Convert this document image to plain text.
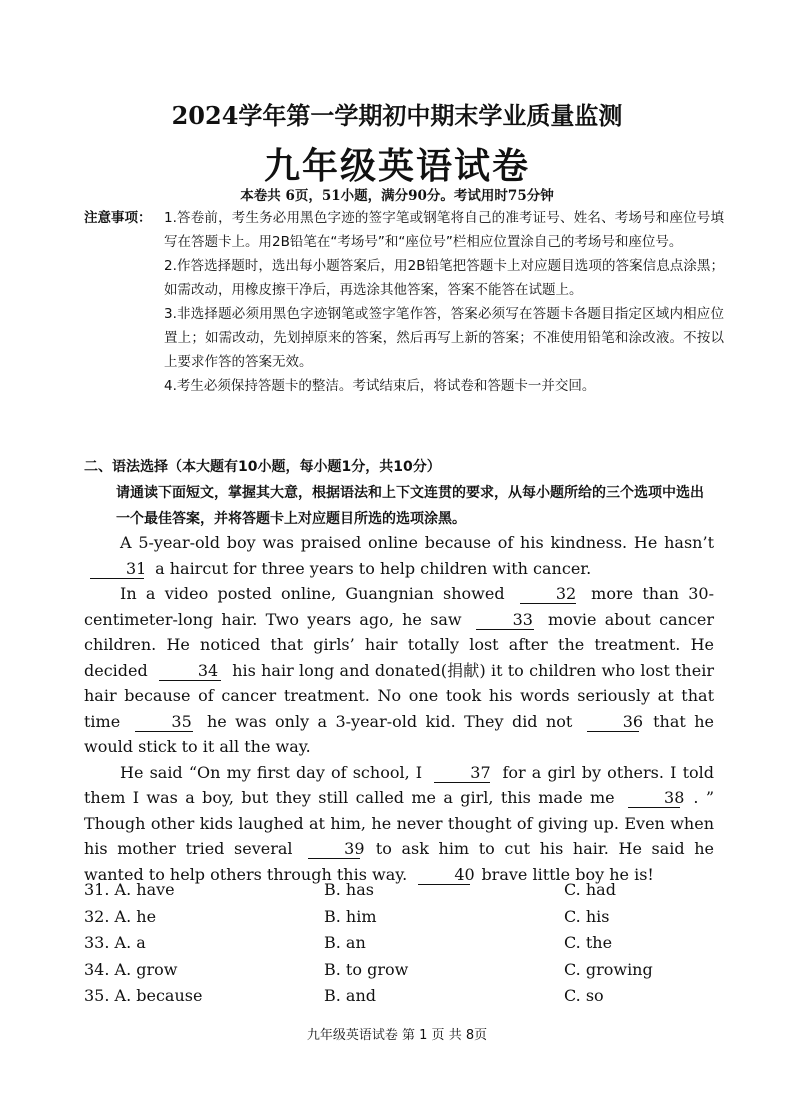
2024学年第一学期初中期末学业质量监测
九年级英语试卷
本卷共 6页，51小题，满分90分。考试用时75分钟
注意事项： 1.答卷前，考生务必用黑色字迹的签字笔或钢笔将自己的准考证号、姓名、考场号和座位号填写在答题卡上。用2B铅笔在“考场号”和“座位号”栏相应位置涂自己的考场号和座位号。

2.作答选择题时，选出每小题答案后，用2B铅笔把答题卡上对应题目选项的答案信息点涂黑；如需改动，用橡皮擦干净后，再选涂其他答案，答案不能答在试题上。

3.非选择题必须用黑色字迹钢笔或签字笔作答，答案必须写在答题卡各题目指定区域内相应位置上；如需改动，先划掉原来的答案，然后再写上新的答案；不准使用铅笔和涂改液。不按以上要求作答的答案无效。

4.考生必须保持答题卡的整洁。考试结束后，将试卷和答题卡一并交回。

二、语法选择（本大题有10小题，每小题1分，共10分）
请通读下面短文，掌握其大意，根据语法和上下文连贯的要求，从每小题所给的三个选项中选出一个最佳答案，并将答题卡上对应题目所选的选项涂黑。

A 5-year-old boy was praised online because of his kindness. He hasn’t 31 a haircut for three years to help children with cancer.

In a video posted online, Guangnian showed	32 more than 30-centimeter-long hair. Two years ago, he saw	33 movie about cancer children. He noticed that girls’ hair totally lost after the treatment. He decided	34 his hair long and donated(捐献) it to children who lost their hair because of cancer treatment. No one took his words seriously at that time	35 he was only a 3-year-old kid. They did not	36 that he would stick to it all the way.

He said “On my first day of school, I	37 for a girl by others. I told them I was a boy, but they still called me a girl, this made me	38 . ” Though other kids laughed at him, he never thought of giving up. Even when his mother tried several	39 to ask him to cut his hair. He said he wanted to help others through this way.	40 brave little boy he is!

31. A. have	B. has	C. had
32. A. he	B. him	C. his
33. A. a	B. an	C. the
34. A. grow	B. to grow	C. growing
35. A. because	B. and	C. so
九年级英语试卷 第 1 页 共 8页
